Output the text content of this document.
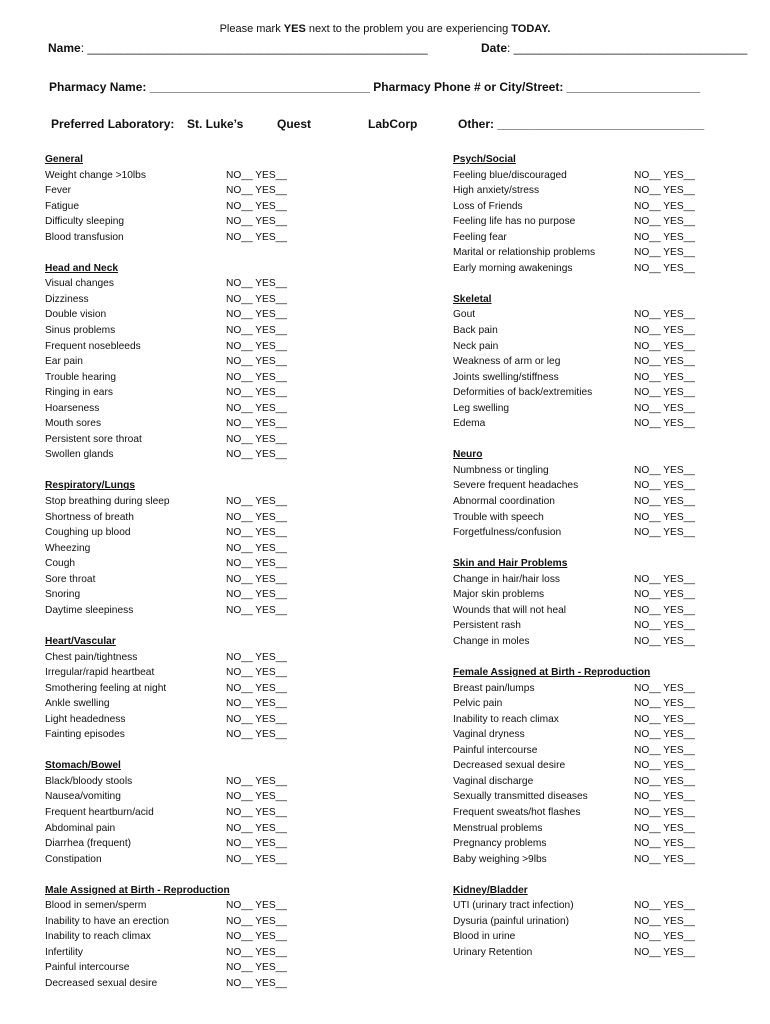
Please mark YES next to the problem you are experiencing TODAY.
Name: ___________________________________________________	Date: ___________________________________
Pharmacy Name: _________________________________ Pharmacy Phone # or City/Street: ____________________
Preferred Laboratory: St. Luke’s	Quest	LabCorp	Other: _______________________________
General
Weight change >10lbs	NO__ YES__
Fever	NO__ YES__
Fatigue	NO__ YES__
Difficulty sleeping	NO__ YES__
Blood transfusion	NO__ YES__
Head and Neck
Visual changes	NO__ YES__
Dizziness	NO__ YES__
Double vision	NO__ YES__
Sinus problems	NO__ YES__
Frequent nosebleeds	NO__ YES__
Ear pain	NO__ YES__
Trouble hearing	NO__ YES__
Ringing in ears	NO__ YES__
Hoarseness	NO__ YES__
Mouth sores	NO__ YES__
Persistent sore throat	NO__ YES__
Swollen glands	NO__ YES__
Respiratory/Lungs
Stop breathing during sleep	NO__ YES__
Shortness of breath	NO__ YES__
Coughing up blood	NO__ YES__
Wheezing	NO__ YES__
Cough	NO__ YES__
Sore throat	NO__ YES__
Snoring	NO__ YES__
Daytime sleepiness	NO__ YES__
Heart/Vascular
Chest pain/tightness	NO__ YES__
Irregular/rapid heartbeat	NO__ YES__
Smothering feeling at night	NO__ YES__
Ankle swelling	NO__ YES__
Light headedness	NO__ YES__
Fainting episodes	NO__ YES__
Stomach/Bowel
Black/bloody stools	NO__ YES__
Nausea/vomiting	NO__ YES__
Frequent heartburn/acid	NO__ YES__
Abdominal pain	NO__ YES__
Diarrhea (frequent)	NO__ YES__
Constipation	NO__ YES__
Male Assigned at Birth - Reproduction
Blood in semen/sperm	NO__ YES__
Inability to have an erection	NO__ YES__
Inability to reach climax	NO__ YES__
Infertility	NO__ YES__
Painful intercourse	NO__ YES__
Decreased sexual desire	NO__ YES__
Psych/Social
Feeling blue/discouraged	NO__ YES__
High anxiety/stress	NO__ YES__
Loss of Friends	NO__ YES__
Feeling life has no purpose	NO__ YES__
Feeling fear	NO__ YES__
Marital or relationship problems	NO__ YES__
Early morning awakenings	NO__ YES__
Skeletal
Gout	NO__ YES__
Back pain	NO__ YES__
Neck pain	NO__ YES__
Weakness of arm or leg	NO__ YES__
Joints swelling/stiffness	NO__ YES__
Deformities of back/extremities	NO__ YES__
Leg swelling	NO__ YES__
Edema	NO__ YES__
Neuro
Numbness or tingling	NO__ YES__
Severe frequent headaches	NO__ YES__
Abnormal coordination	NO__ YES__
Trouble with speech	NO__ YES__
Forgetfulness/confusion	NO__ YES__
Skin and Hair Problems
Change in hair/hair loss	NO__ YES__
Major skin problems	NO__ YES__
Wounds that will not heal	NO__ YES__
Persistent rash	NO__ YES__
Change in moles	NO__ YES__
Female Assigned at Birth - Reproduction
Breast pain/lumps	NO__ YES__
Pelvic pain	NO__ YES__
Inability to reach climax	NO__ YES__
Vaginal dryness	NO__ YES__
Painful intercourse	NO__ YES__
Decreased sexual desire	NO__ YES__
Vaginal discharge	NO__ YES__
Sexually transmitted diseases	NO__ YES__
Frequent sweats/hot flashes	NO__ YES__
Menstrual problems	NO__ YES__
Pregnancy problems	NO__ YES__
Baby weighing >9lbs	NO__ YES__
Kidney/Bladder
UTI (urinary tract infection)	NO__ YES__
Dysuria (painful urination)	NO__ YES__
Blood in urine	NO__ YES__
Urinary Retention	NO__ YES__
